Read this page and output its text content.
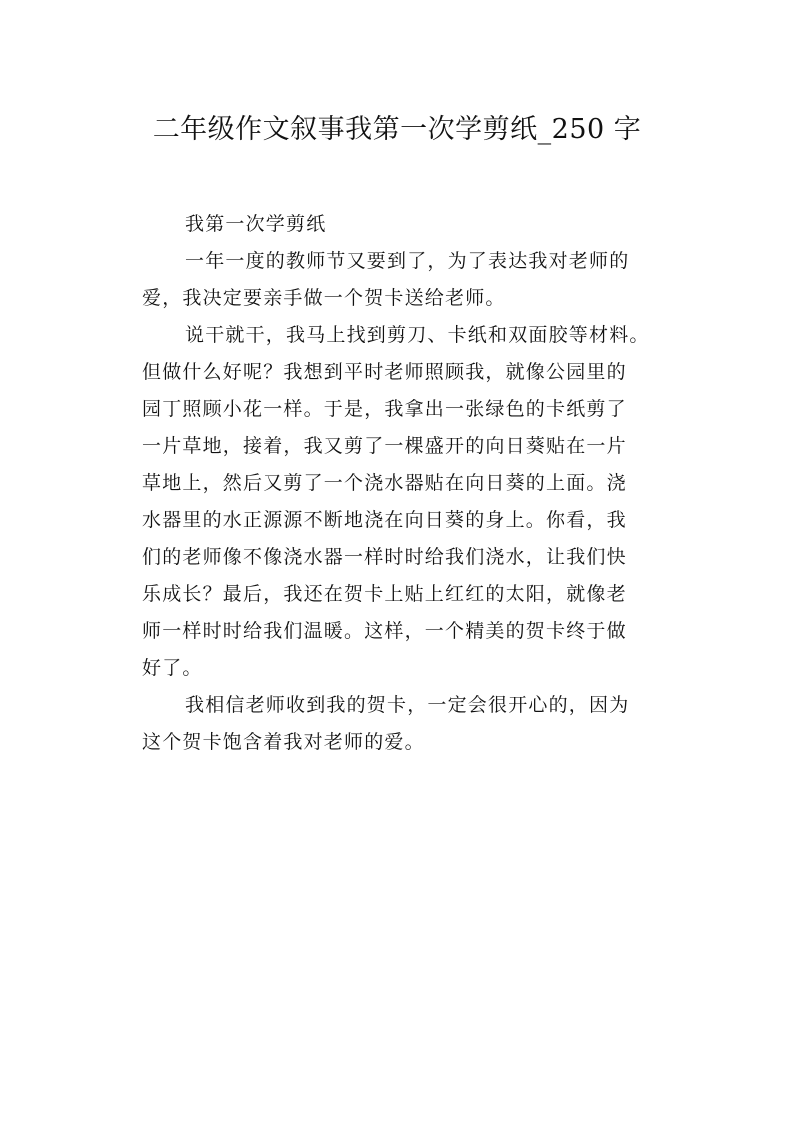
二年级作文叙事我第一次学剪纸_250 字
我第一次学剪纸
一年一度的教师节又要到了，为了表达我对老师的
爱，我决定要亲手做一个贺卡送给老师。
说干就干，我马上找到剪刀、卡纸和双面胶等材料。
但做什么好呢？我想到平时老师照顾我，就像公园里的
园丁照顾小花一样。于是，我拿出一张绿色的卡纸剪了
一片草地，接着，我又剪了一棵盛开的向日葵贴在一片
草地上，然后又剪了一个浇水器贴在向日葵的上面。浇
水器里的水正源源不断地浇在向日葵的身上。你看，我
们的老师像不像浇水器一样时时给我们浇水，让我们快
乐成长？最后，我还在贺卡上贴上红红的太阳，就像老
师一样时时给我们温暖。这样，一个精美的贺卡终于做
好了。
我相信老师收到我的贺卡，一定会很开心的，因为
这个贺卡饱含着我对老师的爱。
